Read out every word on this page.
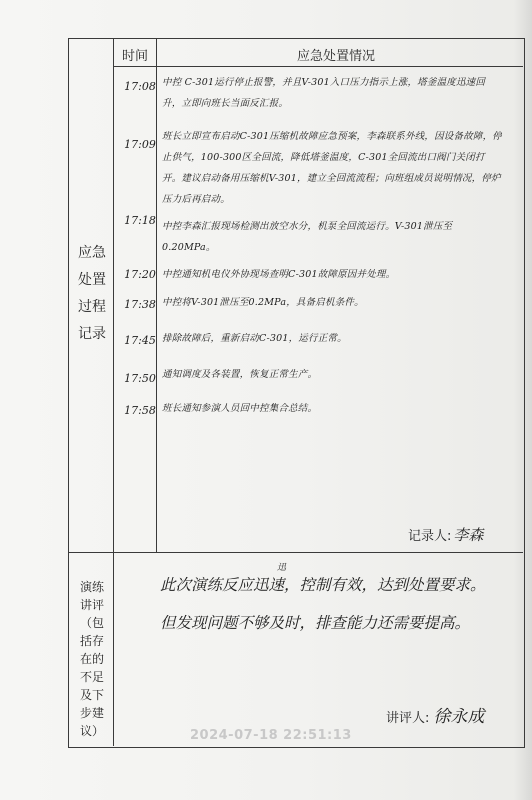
时间	应急处置情况
应急
处置
过程
记录
17:08 中控 C-301运行停止报警，并且V-301入口压力指示上涨，塔釜温度迅速回升，立即向班长当面反汇报。
17:09
班长立即宣布启动C-301压缩机故障应急预案，李森联系外线，因设备故障，停止供气，100-300区全回流，降低塔釜温度，C-301全回流出口阀门关闭打开。建议启动备用压缩机V-301，建立全回流流程；向班组成员说明情况，停炉压力后再启动。
17:18 中控李森汇报现场检测出放空水分，机泵全回流运行。V-301泄压至0.20MPa。
17:20 中控通知机电仪外协现场查明C-301故障原因并处理。
17:38 中控将V-301泄压至0.2MPa，具备启机条件。
17:45 排除故障后，重新启动C-301，运行正常。
17:50 通知调度及各装置，恢复正常生产。
17:58 班长通知参演人员回中控集合总结。
记录人: 李森
演练
讲评
（包
括存
在的
不足
及下
步建
议）
迅
此次演练反应迅速，控制有效，达到处置要求。
但发现问题不够及时，排查能力还需要提高。
讲评人: 徐永成
2024-07-18 22:51:13
